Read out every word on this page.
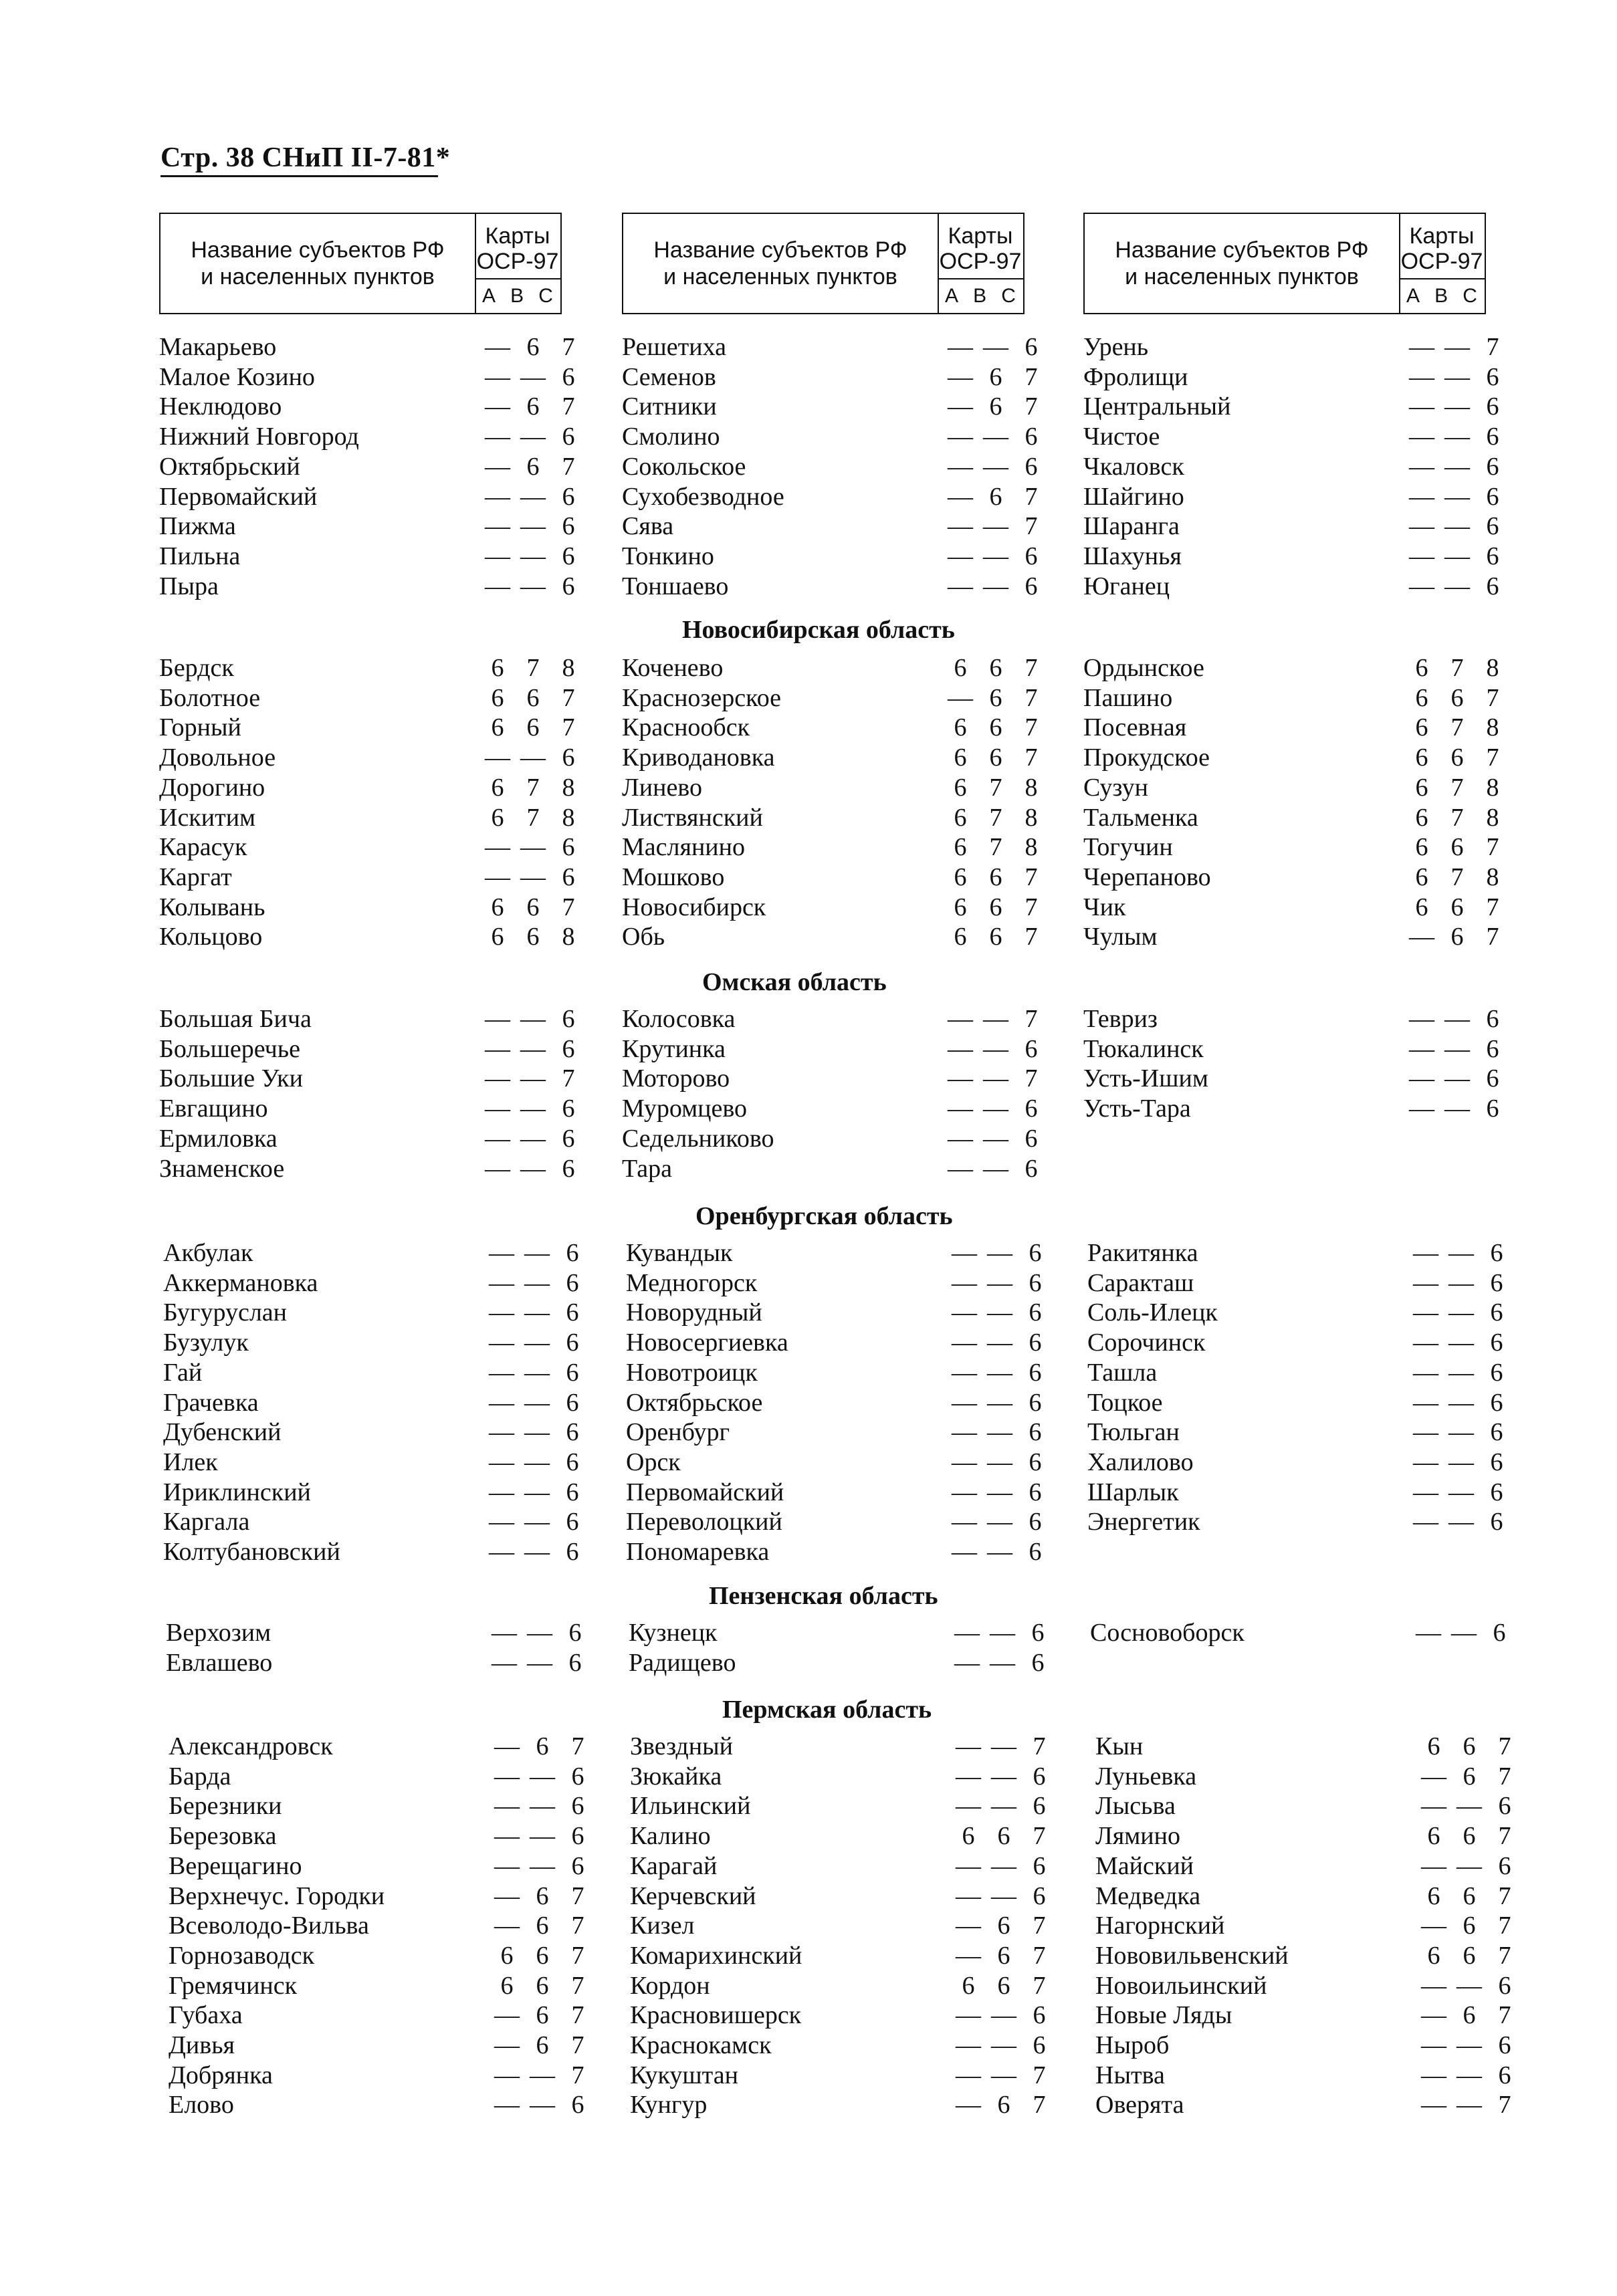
Стр. 38 СНиП II-7-81*
Название субъектов РФ
и населенных пунктов
Карты
ОСР-97
A B C
Название субъектов РФ
и населенных пунктов
Карты
ОСР-97
A B C
Название субъектов РФ
и населенных пунктов
Карты
ОСР-97
A B C
Макарьево	— 6 7
Малое Козино	— — 6
Неклюдово	— 6 7
Нижний Новгород	— — 6
Октябрьский	— 6 7
Первомайский	— — 6
Пижма	— — 6
Пильна	— — 6
Пыра	— — 6
Решетиха	— — 6
Семенов	— 6 7
Ситники	— 6 7
Смолино	— — 6
Сокольское	— — 6
Сухобезводное	— 6 7
Сява	— — 7
Тонкино	— — 6
Тоншаево	— — 6
Урень	— — 7
Фролищи	— — 6
Центральный	— — 6
Чистое	— — 6
Чкаловск	— — 6
Шайгино	— — 6
Шаранга	— — 6
Шахунья	— — 6
Юганец	— — 6
Новосибирская область
Бердск	6 7 8
Болотное	6 6 7
Горный	6 6 7
Довольное	— — 6
Дорогино	6 7 8
Искитим	6 7 8
Карасук	— — 6
Каргат	— — 6
Колывань	6 6 7
Кольцово	6 6 8
Коченево	6 6 7
Краснозерское	— 6 7
Краснообск	6 6 7
Криводановка	6 6 7
Линево	6 7 8
Листвянский	6 7 8
Маслянино	6 7 8
Мошково	6 6 7
Новосибирск	6 6 7
Обь	6 6 7
Ордынское	6 7 8
Пашино	6 6 7
Посевная	6 7 8
Прокудское	6 6 7
Сузун	6 7 8
Тальменка	6 7 8
Тогучин	6 6 7
Черепаново	6 7 8
Чик	6 6 7
Чулым	— 6 7
Омская область
Большая Бича	— — 6
Большеречье	— — 6
Большие Уки	— — 7
Евгащино	— — 6
Ермиловка	— — 6
Знаменское	— — 6
Колосовка	— — 7
Крутинка	— — 6
Моторово	— — 7
Муромцево	— — 6
Седельниково	— — 6
Тара	— — 6
Тевриз	— — 6
Тюкалинск	— — 6
Усть-Ишим	— — 6
Усть-Тара	— — 6
Оренбургская область
Акбулак	— — 6
Аккермановка	— — 6
Бугуруслан	— — 6
Бузулук	— — 6
Гай	— — 6
Грачевка	— — 6
Дубенский	— — 6
Илек	— — 6
Ириклинский	— — 6
Каргала	— — 6
Колтубановский	— — 6
Кувандык	— — 6
Медногорск	— — 6
Новорудный	— — 6
Новосергиевка	— — 6
Новотроицк	— — 6
Октябрьское	— — 6
Оренбург	— — 6
Орск	— — 6
Первомайский	— — 6
Переволоцкий	— — 6
Пономаревка	— — 6
Ракитянка	— — 6
Саракташ	— — 6
Соль-Илецк	— — 6
Сорочинск	— — 6
Ташла	— — 6
Тоцкое	— — 6
Тюльган	— — 6
Халилово	— — 6
Шарлык	— — 6
Энергетик	— — 6
Пензенская область
Верхозим	— — 6
Евлашево	— — 6
Кузнецк	— — 6
Радищево	— — 6
Сосновоборск	— — 6
Пермская область
Александровск	— 6 7
Барда	— — 6
Березники	— — 6
Березовка	— — 6
Верещагино	— — 6
Верхнечус. Городки	— 6 7
Всеволодо-Вильва	— 6 7
Горнозаводск	6 6 7
Гремячинск	6 6 7
Губаха	— 6 7
Дивья	— 6 7
Добрянка	— — 7
Елово	— — 6
Звездный	— — 7
Зюкайка	— — 6
Ильинский	— — 6
Калино	6 6 7
Карагай	— — 6
Керчевский	— — 6
Кизел	— 6 7
Комарихинский	— 6 7
Кордон	6 6 7
Красновишерск	— — 6
Краснокамск	— — 6
Кукуштан	— — 7
Кунгур	— 6 7
Кын	6 6 7
Луньевка	— 6 7
Лысьва	— — 6
Лямино	6 6 7
Майский	— — 6
Медведка	6 6 7
Нагорнский	— 6 7
Нововильвенский	6 6 7
Новоильинский	— — 6
Новые Ляды	— 6 7
Ныроб	— — 6
Нытва	— — 6
Оверята	— — 7
